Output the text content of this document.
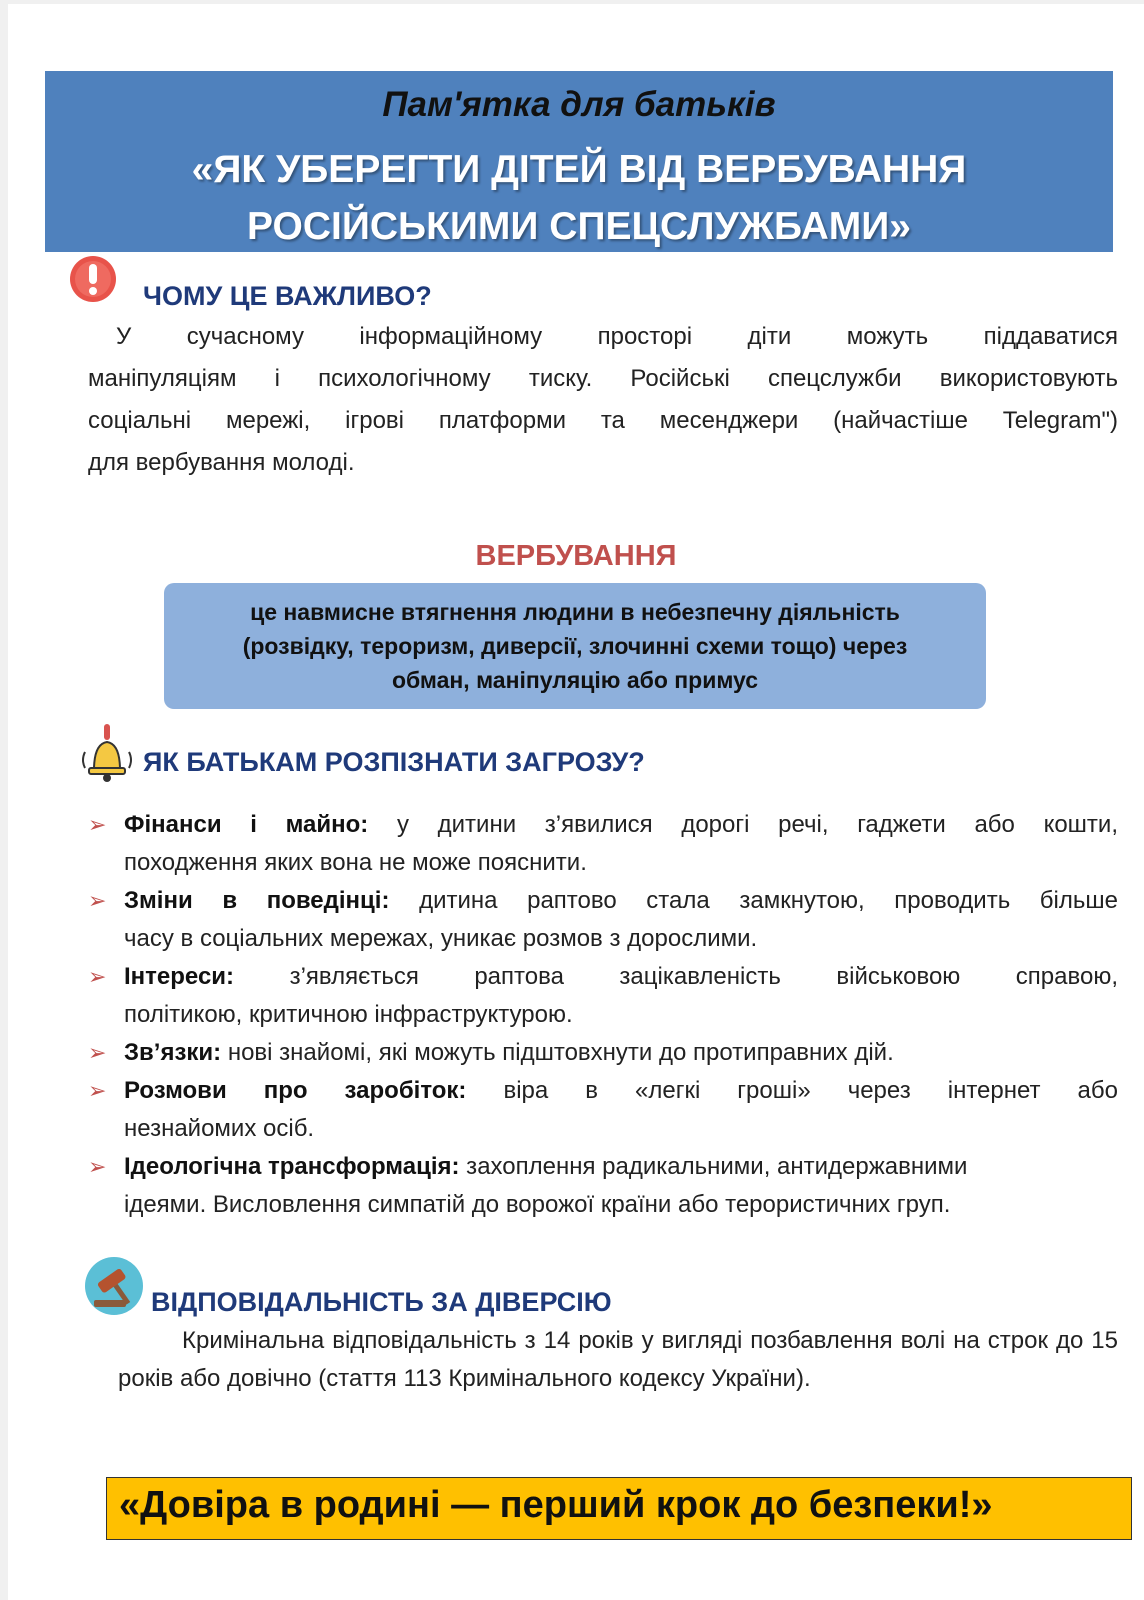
Пам'ятка для батьків
«ЯК УБЕРЕГТИ ДІТЕЙ ВІД ВЕРБУВАННЯ
РОСІЙСЬКИМИ СПЕЦСЛУЖБАМИ»
ЧОМУ ЦЕ ВАЖЛИВО?
У сучасному інформаційному просторі діти можуть піддаватися
маніпуляціям і психологічному тиску. Російські спецслужби використовують
соціальні мережі, ігрові платформи та месенджери (найчастіше Telegram")
для вербування молоді.
ВЕРБУВАННЯ
це навмисне втягнення людини в небезпечну діяльність
(розвідку, тероризм, диверсії, злочинні схеми тощо) через
обман, маніпуляцію або примус
ЯК БАТЬКАМ РОЗПІЗНАТИ ЗАГРОЗУ?
➢ Фінанси і майно: у дитини з’явилися дорогі речі, гаджети або кошти,
походження яких вона не може пояснити.
➢ Зміни в поведінці: дитина раптово стала замкнутою, проводить більше
часу в соціальних мережах, уникає розмов з дорослими.
➢ Інтереси: з’являється раптова зацікавленість військовою справою,
політикою, критичною інфраструктурою.
➢ Зв’язки: нові знайомі, які можуть підштовхнути до протиправних дій.
➢ Розмови про заробіток: віра в «легкі гроші» через інтернет або
незнайомих осіб.
➢ Ідеологічна трансформація: захоплення радикальними, антидержавними
ідеями. Висловлення симпатій до ворожої країни або терористичних груп.
ВІДПОВІДАЛЬНІСТЬ ЗА ДІВЕРСІЮ
Кримінальна відповідальність з 14 років у вигляді позбавлення волі на строк до 15 років або довічно (стаття 113 Кримінального кодексу України).
«Довіра в родині — перший крок до безпеки!»
